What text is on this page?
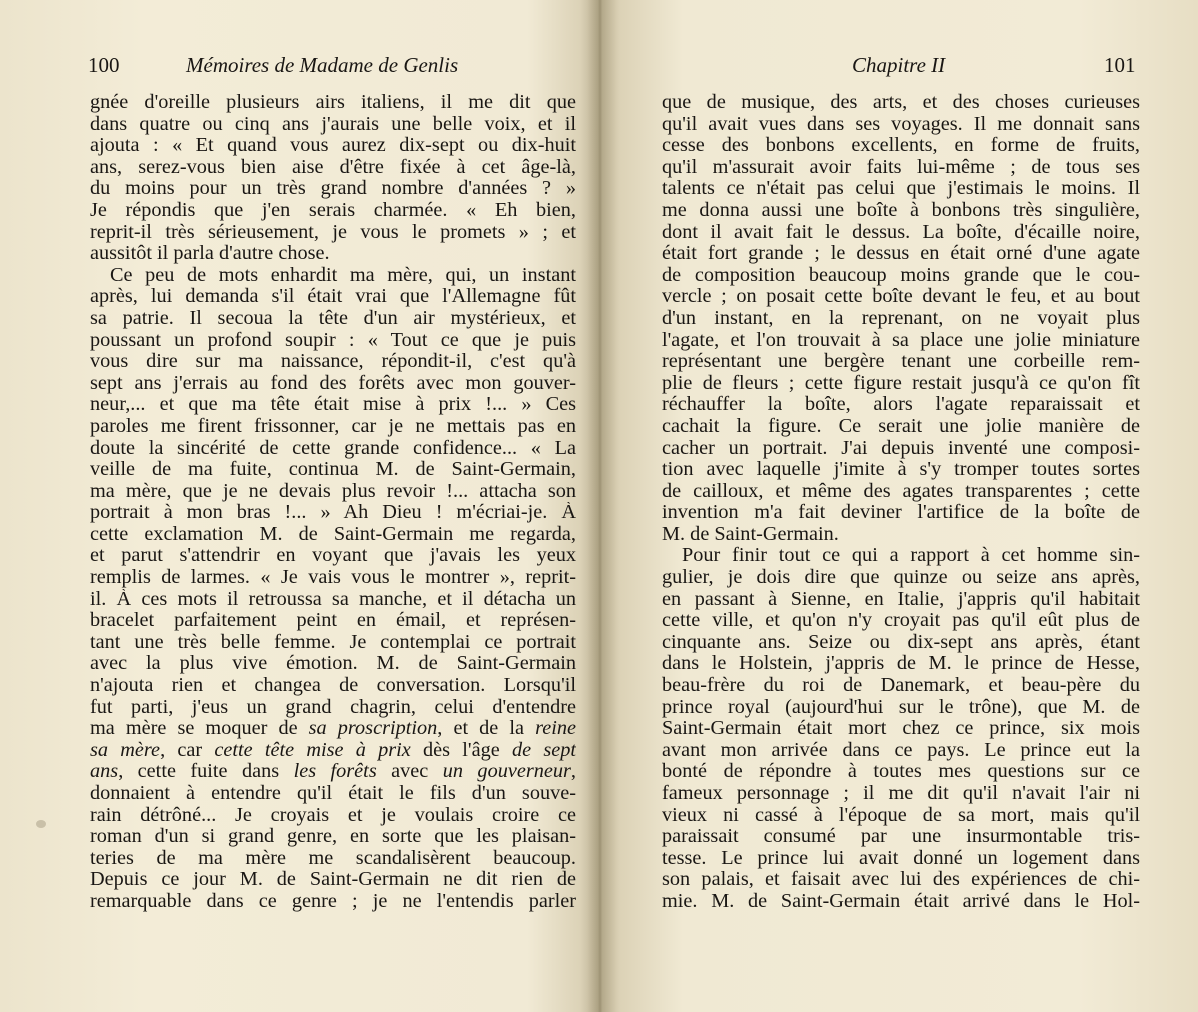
100	Mémoires de Madame de Genlis
gnée d'oreille plusieurs airs italiens, il me dit que
dans quatre ou cinq ans j'aurais une belle voix, et il
ajouta : « Et quand vous aurez dix-sept ou dix-huit
ans, serez-vous bien aise d'être fixée à cet âge-là,
du moins pour un très grand nombre d'années ? »
Je répondis que j'en serais charmée. « Eh bien,
reprit-il très sérieusement, je vous le promets » ; et
aussitôt il parla d'autre chose.
Ce peu de mots enhardit ma mère, qui, un instant
après, lui demanda s'il était vrai que l'Allemagne fût
sa patrie. Il secoua la tête d'un air mystérieux, et
poussant un profond soupir : « Tout ce que je puis
vous dire sur ma naissance, répondit-il, c'est qu'à
sept ans j'errais au fond des forêts avec mon gouver-
neur,... et que ma tête était mise à prix !... » Ces
paroles me firent frissonner, car je ne mettais pas en
doute la sincérité de cette grande confidence... « La
veille de ma fuite, continua M. de Saint-Germain,
ma mère, que je ne devais plus revoir !... attacha son
portrait à mon bras !... » Ah Dieu ! m'écriai-je. À
cette exclamation M. de Saint-Germain me regarda,
et parut s'attendrir en voyant que j'avais les yeux
remplis de larmes. « Je vais vous le montrer », reprit-
il. À ces mots il retroussa sa manche, et il détacha un
bracelet parfaitement peint en émail, et représen-
tant une très belle femme. Je contemplai ce portrait
avec la plus vive émotion. M. de Saint-Germain
n'ajouta rien et changea de conversation. Lorsqu'il
fut parti, j'eus un grand chagrin, celui d'entendre
ma mère se moquer de sa proscription, et de la reine
sa mère, car cette tête mise à prix dès l'âge de sept
ans, cette fuite dans les forêts avec un gouverneur,
donnaient à entendre qu'il était le fils d'un souve-
rain détrôné... Je croyais et je voulais croire ce
roman d'un si grand genre, en sorte que les plaisan-
teries de ma mère me scandalisèrent beaucoup.
Depuis ce jour M. de Saint-Germain ne dit rien de
remarquable dans ce genre ; je ne l'entendis parler
Chapitre II	101
que de musique, des arts, et des choses curieuses
qu'il avait vues dans ses voyages. Il me donnait sans
cesse des bonbons excellents, en forme de fruits,
qu'il m'assurait avoir faits lui-même ; de tous ses
talents ce n'était pas celui que j'estimais le moins. Il
me donna aussi une boîte à bonbons très singulière,
dont il avait fait le dessus. La boîte, d'écaille noire,
était fort grande ; le dessus en était orné d'une agate
de composition beaucoup moins grande que le cou-
vercle ; on posait cette boîte devant le feu, et au bout
d'un instant, en la reprenant, on ne voyait plus
l'agate, et l'on trouvait à sa place une jolie miniature
représentant une bergère tenant une corbeille rem-
plie de fleurs ; cette figure restait jusqu'à ce qu'on fît
réchauffer la boîte, alors l'agate reparaissait et
cachait la figure. Ce serait une jolie manière de
cacher un portrait. J'ai depuis inventé une composi-
tion avec laquelle j'imite à s'y tromper toutes sortes
de cailloux, et même des agates transparentes ; cette
invention m'a fait deviner l'artifice de la boîte de
M. de Saint-Germain.
Pour finir tout ce qui a rapport à cet homme sin-
gulier, je dois dire que quinze ou seize ans après,
en passant à Sienne, en Italie, j'appris qu'il habitait
cette ville, et qu'on n'y croyait pas qu'il eût plus de
cinquante ans. Seize ou dix-sept ans après, étant
dans le Holstein, j'appris de M. le prince de Hesse,
beau-frère du roi de Danemark, et beau-père du
prince royal (aujourd'hui sur le trône), que M. de
Saint-Germain était mort chez ce prince, six mois
avant mon arrivée dans ce pays. Le prince eut la
bonté de répondre à toutes mes questions sur ce
fameux personnage ; il me dit qu'il n'avait l'air ni
vieux ni cassé à l'époque de sa mort, mais qu'il
paraissait consumé par une insurmontable tris-
tesse. Le prince lui avait donné un logement dans
son palais, et faisait avec lui des expériences de chi-
mie. M. de Saint-Germain était arrivé dans le Hol-
